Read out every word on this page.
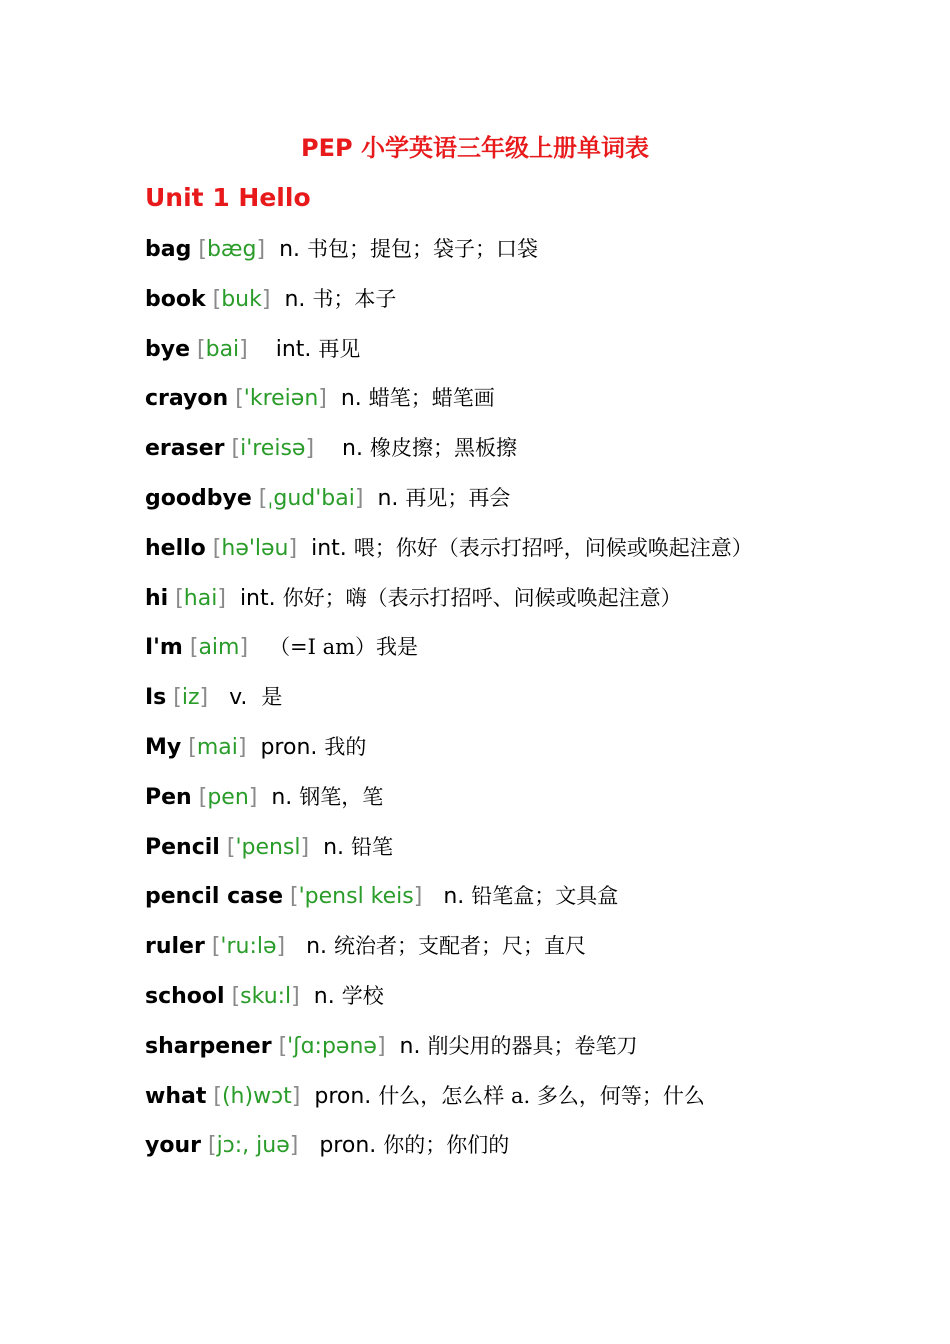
PEP 小学英语三年级上册单词表
Unit 1 Hello
bag [bæg] n. 书包；提包；袋子；口袋
book [buk] n. 书；本子
bye [bai] int. 再见
crayon ['kreiən] n. 蜡笔；蜡笔画
eraser [i'reisə] n. 橡皮擦；黑板擦
goodbye [ˌgud'bai] n. 再见；再会
hello [hə'ləu] int. 喂；你好（表示打招呼，问候或唤起注意）
hi [hai] int. 你好；嗨（表示打招呼、问候或唤起注意）
I'm [aim] （=I am）我是
Is [iz] v.  是
My [mai] pron. 我的
Pen [pen] n. 钢笔，笔
Pencil ['pensl] n. 铅笔
pencil case ['pensl keis] n. 铅笔盒；文具盒
ruler ['ru:lə] n. 统治者；支配者；尺；直尺
school [sku:l] n. 学校
sharpener ['ʃɑ:pənə] n. 削尖用的器具；卷笔刀
what [(h)wɔt] pron. 什么，怎么样 a. 多么，何等；什么
your [jɔ:, juə] pron. 你的；你们的
